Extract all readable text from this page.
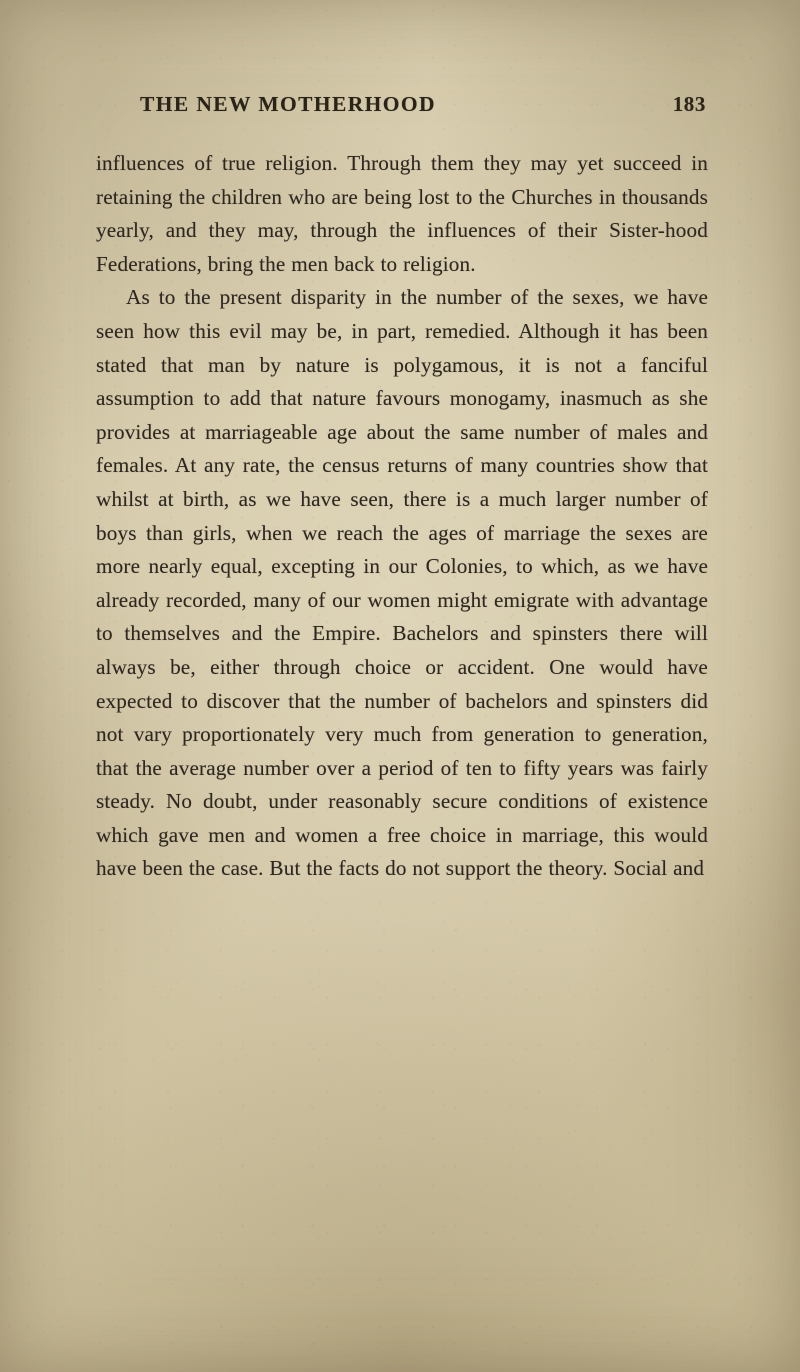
THE NEW MOTHERHOOD	183

influences of true religion. Through them they may yet succeed in retaining the children who are being lost to the Churches in thousands yearly, and they may, through the influences of their Sister-hood Federations, bring the men back to religion.

As to the present disparity in the number of the sexes, we have seen how this evil may be, in part, remedied. Although it has been stated that man by nature is polygamous, it is not a fanciful assumption to add that nature favours monogamy, inasmuch as she provides at marriageable age about the same number of males and females. At any rate, the census returns of many countries show that whilst at birth, as we have seen, there is a much larger number of boys than girls, when we reach the ages of marriage the sexes are more nearly equal, excepting in our Colonies, to which, as we have already recorded, many of our women might emigrate with advantage to themselves and the Empire. Bachelors and spinsters there will always be, either through choice or accident. One would have expected to discover that the number of bachelors and spinsters did not vary proportionately very much from generation to generation, that the average number over a period of ten to fifty years was fairly steady. No doubt, under reasonably secure conditions of existence which gave men and women a free choice in marriage, this would have been the case. But the facts do not support the theory. Social and
